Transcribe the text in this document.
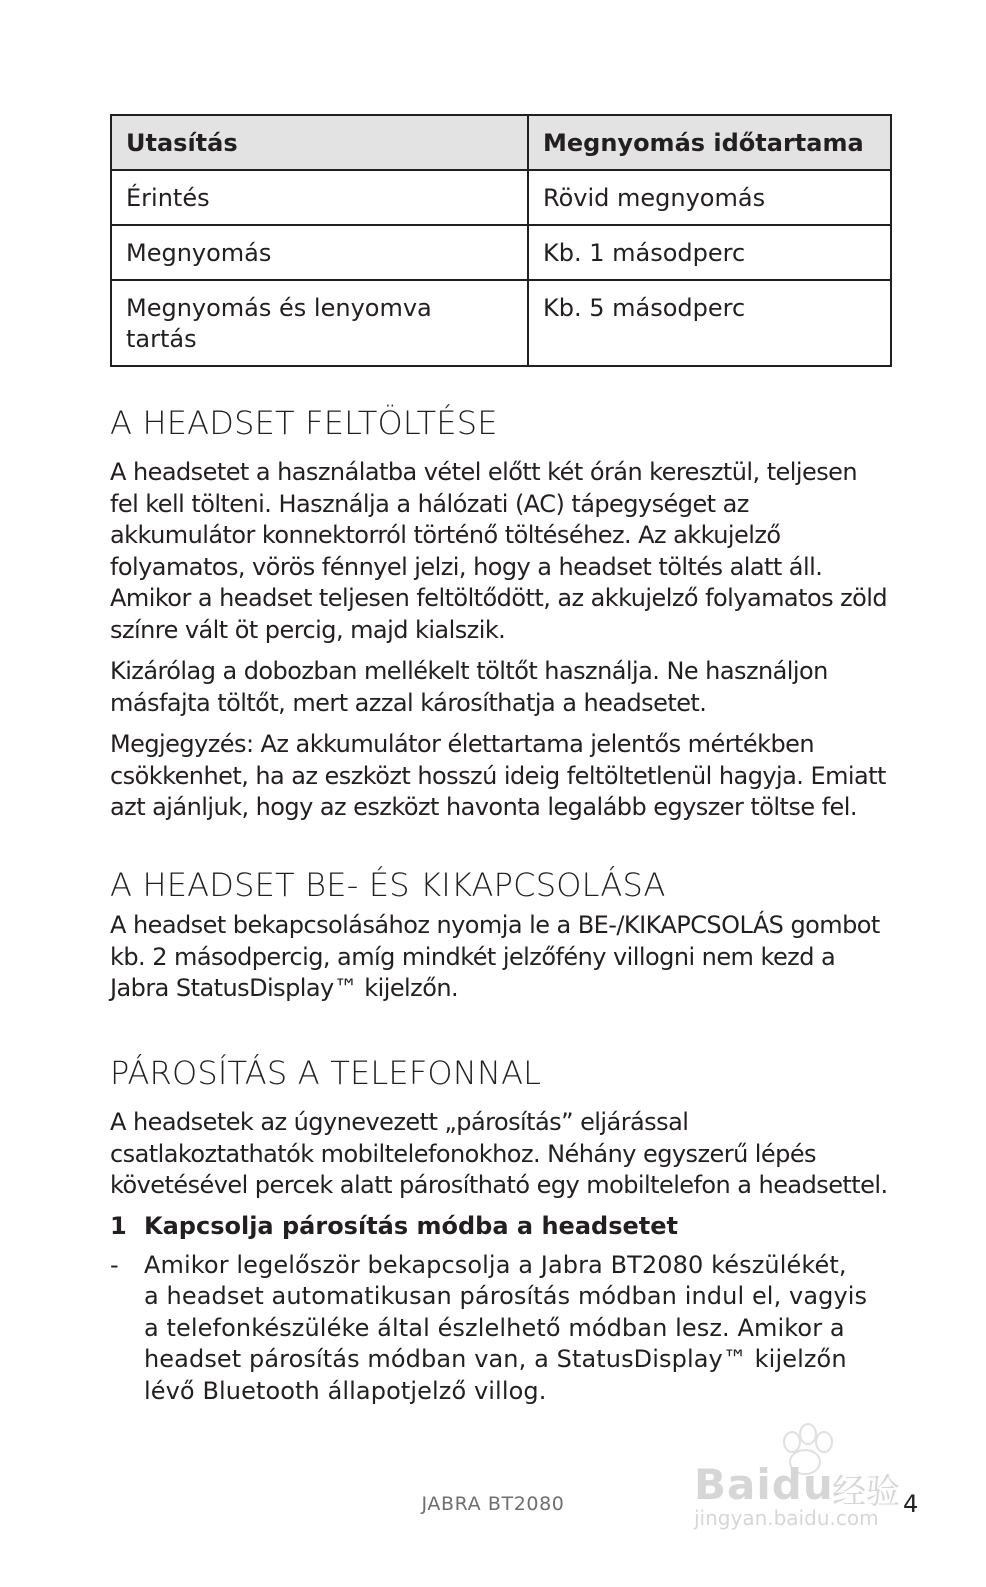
Utasítás	Megnyomás időtartama
Érintés	Rövid megnyomás
Megnyomás	Kb. 1 másodperc
Megnyomás és lenyomva tartás	Kb. 5 másodperc
A HEADSET FELTÖLTÉSE

A headsetet a használatba vétel előtt két órán keresztül, teljesen fel kell tölteni. Használja a hálózati (AC) tápegységet az akkumulátor konnektorról történő töltéséhez. Az akkujelző folyamatos, vörös fénnyel jelzi, hogy a headset töltés alatt áll. Amikor a headset teljesen feltöltődött, az akkujelző folyamatos zöld színre vált öt percig, majd kialszik.

Kizárólag a dobozban mellékelt töltőt használja. Ne használjon másfajta töltőt, mert azzal károsíthatja a headsetet.

Megjegyzés: Az akkumulátor élettartama jelentős mértékben csökkenhet, ha az eszközt hosszú ideig feltöltetlenül hagyja. Emiatt azt ajánljuk, hogy az eszközt havonta legalább egyszer töltse fel.

A HEADSET BE- ÉS KIKAPCSOLÁSA

A headset bekapcsolásához nyomja le a BE-/KIKAPCSOLÁS gombot kb. 2 másodpercig, amíg mindkét jelzőfény villogni nem kezd a Jabra StatusDisplay™ kijelzőn.

PÁROSÍTÁS A TELEFONNAL

A headsetek az úgynevezett „párosítás” eljárással csatlakoztathatók mobiltelefonokhoz. Néhány egyszerű lépés követésével percek alatt párosítható egy mobiltelefon a headsettel.

1 Kapcsolja párosítás módba a headsetet
-	Amikor legelőször bekapcsolja a Jabra BT2080 készülékét, a headset automatikusan párosítás módban indul el, vagyis a telefonkészüléke által észlelhető módban lesz. Amikor a headset párosítás módban van, a StatusDisplay™ kijelzőn lévő Bluetooth állapotjelző villog.
JABRA BT2080	4
Baidu
经验
jingyan.baidu.com
